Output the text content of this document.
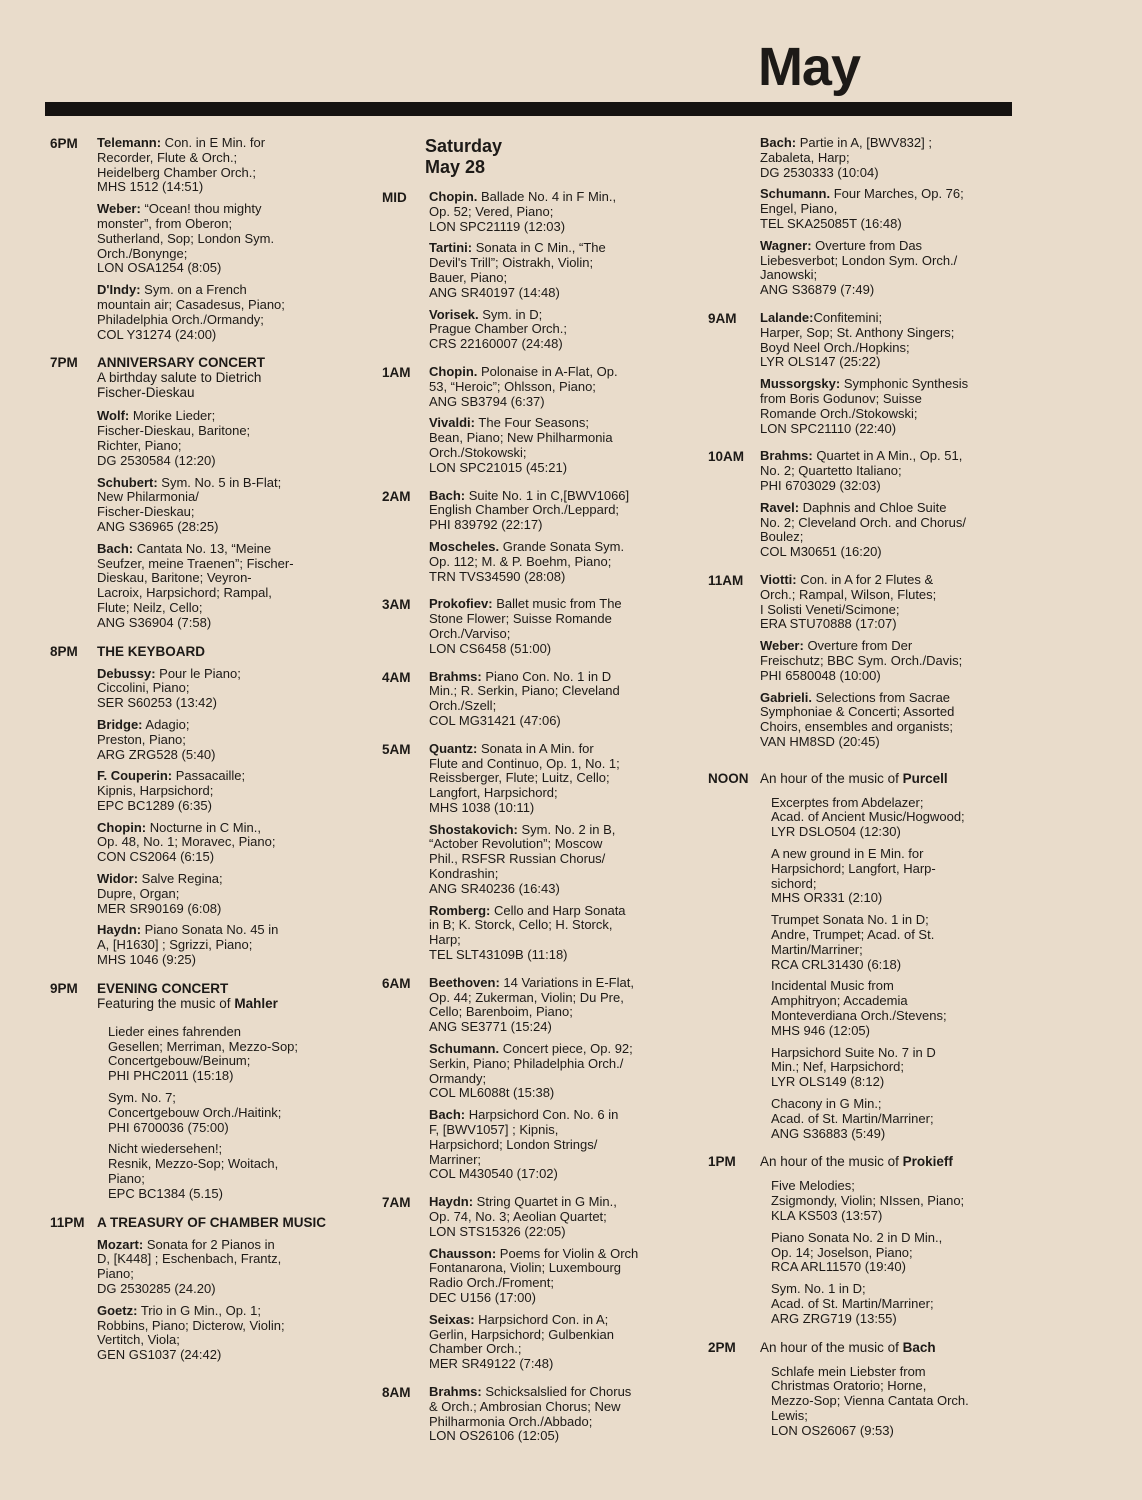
May
6PM	Telemann: Con. in E Min. for
Recorder, Flute & Orch.;
Heidelberg Chamber Orch.;
MHS 1512 (14:51)
Weber: “Ocean! thou mighty
monster”, from Oberon;
Sutherland, Sop; London Sym.
Orch./Bonynge;
LON OSA1254 (8:05)
D'Indy: Sym. on a French
mountain air; Casadesus, Piano;
Philadelphia Orch./Ormandy;
COL Y31274 (24:00)
7PM	ANNIVERSARY CONCERT
A birthday salute to Dietrich
Fischer-Dieskau
Wolf: Morike Lieder;
Fischer-Dieskau, Baritone;
Richter, Piano;
DG 2530584 (12:20)
Schubert: Sym. No. 5 in B-Flat;
New Philarmonia/
Fischer-Dieskau;
ANG S36965 (28:25)
Bach: Cantata No. 13, “Meine
Seufzer, meine Traenen”; Fischer-
Dieskau, Baritone; Veyron-
Lacroix, Harpsichord; Rampal,
Flute; Neilz, Cello;
ANG S36904 (7:58)
8PM	THE KEYBOARD
Debussy: Pour le Piano;
Ciccolini, Piano;
SER S60253 (13:42)
Bridge: Adagio;
Preston, Piano;
ARG ZRG528 (5:40)
F. Couperin: Passacaille;
Kipnis, Harpsichord;
EPC BC1289 (6:35)
Chopin: Nocturne in C Min.,
Op. 48, No. 1; Moravec, Piano;
CON CS2064 (6:15)
Widor: Salve Regina;
Dupre, Organ;
MER SR90169 (6:08)
Haydn: Piano Sonata No. 45 in
A, [H1630] ; Sgrizzi, Piano;
MHS 1046 (9:25)
9PM	EVENING CONCERT
Featuring the music of Mahler
Lieder eines fahrenden
Gesellen; Merriman, Mezzo-Sop;
Concertgebouw/Beinum;
PHI PHC2011 (15:18)
Sym. No. 7;
Concertgebouw Orch./Haitink;
PHI 6700036 (75:00)
Nicht wiedersehen!;
Resnik, Mezzo-Sop; Woitach,
Piano;
EPC BC1384 (5.15)
11PM A TREASURY OF CHAMBER MUSIC
Mozart: Sonata for 2 Pianos in
D, [K448] ; Eschenbach, Frantz,
Piano;
DG 2530285 (24.20)
Goetz: Trio in G Min., Op. 1;
Robbins, Piano; Dicterow, Violin;
Vertitch, Viola;
GEN GS1037 (24:42)
Saturday
May 28
MID	Chopin. Ballade No. 4 in F Min.,
Op. 52; Vered, Piano;
LON SPC21119 (12:03)
Tartini: Sonata in C Min., “The
Devil's Trill”; Oistrakh, Violin;
Bauer, Piano;
ANG SR40197 (14:48)
Vorisek. Sym. in D;
Prague Chamber Orch.;
CRS 22160007 (24:48)
1AM	Chopin. Polonaise in A-Flat, Op.
53, “Heroic”; Ohlsson, Piano;
ANG SB3794 (6:37)
Vivaldi: The Four Seasons;
Bean, Piano; New Philharmonia
Orch./Stokowski;
LON SPC21015 (45:21)
2AM	Bach: Suite No. 1 in C,[BWV1066]
English Chamber Orch./Leppard;
PHI 839792 (22:17)
Moscheles. Grande Sonata Sym.
Op. 112; M. & P. Boehm, Piano;
TRN TVS34590 (28:08)
3AM	Prokofiev: Ballet music from The
Stone Flower; Suisse Romande
Orch./Varviso;
LON CS6458 (51:00)
4AM	Brahms: Piano Con. No. 1 in D
Min.; R. Serkin, Piano; Cleveland
Orch./Szell;
COL MG31421 (47:06)
5AM	Quantz: Sonata in A Min. for
Flute and Continuo, Op. 1, No. 1;
Reissberger, Flute; Luitz, Cello;
Langfort, Harpsichord;
MHS 1038 (10:11)
Shostakovich: Sym. No. 2 in B,
“Actober Revolution”; Moscow
Phil., RSFSR Russian Chorus/
Kondrashin;
ANG SR40236 (16:43)
Romberg: Cello and Harp Sonata
in B; K. Storck, Cello; H. Storck,
Harp;
TEL SLT43109B (11:18)
6AM	Beethoven: 14 Variations in E-Flat,
Op. 44; Zukerman, Violin; Du Pre,
Cello; Barenboim, Piano;
ANG SE3771 (15:24)
Schumann. Concert piece, Op. 92;
Serkin, Piano; Philadelphia Orch./
Ormandy;
COL ML6088t (15:38)
Bach: Harpsichord Con. No. 6 in
F, [BWV1057] ; Kipnis,
Harpsichord; London Strings/
Marriner;
COL M430540 (17:02)
7AM	Haydn: String Quartet in G Min.,
Op. 74, No. 3; Aeolian Quartet;
LON STS15326 (22:05)
Chausson: Poems for Violin & Orch
Fontanarona, Violin; Luxembourg
Radio Orch./Froment;
DEC U156 (17:00)
Seixas: Harpsichord Con. in A;
Gerlin, Harpsichord; Gulbenkian
Chamber Orch.;
MER SR49122 (7:48)
8AM	Brahms: Schicksalslied for Chorus
& Orch.; Ambrosian Chorus; New
Philharmonia Orch./Abbado;
LON OS26106 (12:05)
Bach: Partie in A, [BWV832] ;
Zabaleta, Harp;
DG 2530333 (10:04)
Schumann. Four Marches, Op. 76;
Engel, Piano,
TEL SKA25085T (16:48)
Wagner: Overture from Das
Liebesverbot; London Sym. Orch./
Janowski;
ANG S36879 (7:49)
9AM	Lalande:Confitemini;
Harper, Sop; St. Anthony Singers;
Boyd Neel Orch./Hopkins;
LYR OLS147 (25:22)
Mussorgsky: Symphonic Synthesis
from Boris Godunov; Suisse
Romande Orch./Stokowski;
LON SPC21110 (22:40)
10AM	Brahms: Quartet in A Min., Op. 51,
No. 2; Quartetto Italiano;
PHI 6703029 (32:03)
Ravel: Daphnis and Chloe Suite
No. 2; Cleveland Orch. and Chorus/
Boulez;
COL M30651 (16:20)
11AM	Viotti: Con. in A for 2 Flutes &
Orch.; Rampal, Wilson, Flutes;
I Solisti Veneti/Scimone;
ERA STU70888 (17:07)
Weber: Overture from Der
Freischutz; BBC Sym. Orch./Davis;
PHI 6580048 (10:00)
Gabrieli. Selections from Sacrae
Symphoniae & Concerti; Assorted
Choirs, ensembles and organists;
VAN HM8SD (20:45)
NOON An hour of the music of Purcell
Excerptes from Abdelazer;
Acad. of Ancient Music/Hogwood;
LYR DSLO504 (12:30)
A new ground in E Min. for
Harpsichord; Langfort, Harp-
sichord;
MHS OR331 (2:10)
Trumpet Sonata No. 1 in D;
Andre, Trumpet; Acad. of St.
Martin/Marriner;
RCA CRL31430 (6:18)
Incidental Music from
Amphitryon; Accademia
Monteverdiana Orch./Stevens;
MHS 946 (12:05)
Harpsichord Suite No. 7 in D
Min.; Nef, Harpsichord;
LYR OLS149 (8:12)
Chacony in G Min.;
Acad. of St. Martin/Marriner;
ANG S36883 (5:49)
1PM	An hour of the music of Prokieff
Five Melodies;
Zsigmondy, Violin; NIssen, Piano;
KLA KS503 (13:57)
Piano Sonata No. 2 in D Min.,
Op. 14; Joselson, Piano;
RCA ARL11570 (19:40)
Sym. No. 1 in D;
Acad. of St. Martin/Marriner;
ARG ZRG719 (13:55)
2PM	An hour of the music of Bach
Schlafe mein Liebster from
Christmas Oratorio; Horne,
Mezzo-Sop; Vienna Cantata Orch.
Lewis;
LON OS26067 (9:53)
